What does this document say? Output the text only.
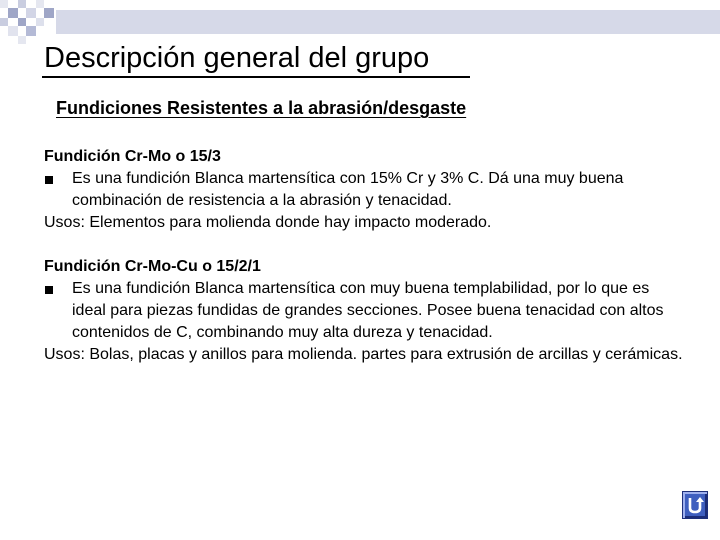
Descripción general del grupo
Fundiciones Resistentes a la abrasión/desgaste
Fundición Cr-Mo o 15/3
Es una fundición Blanca martensítica con 15% Cr y 3% C. Dá una muy buena combinación de resistencia a la abrasión y tenacidad.
Usos: Elementos para molienda donde hay impacto moderado.
Fundición Cr-Mo-Cu o 15/2/1
Es una fundición Blanca martensítica con muy buena templabilidad, por lo que es ideal para piezas fundidas de grandes secciones. Posee buena tenacidad con altos contenidos de C, combinando muy alta dureza y tenacidad.
Usos: Bolas, placas y anillos para molienda. partes para extrusión de arcillas y cerámicas.
